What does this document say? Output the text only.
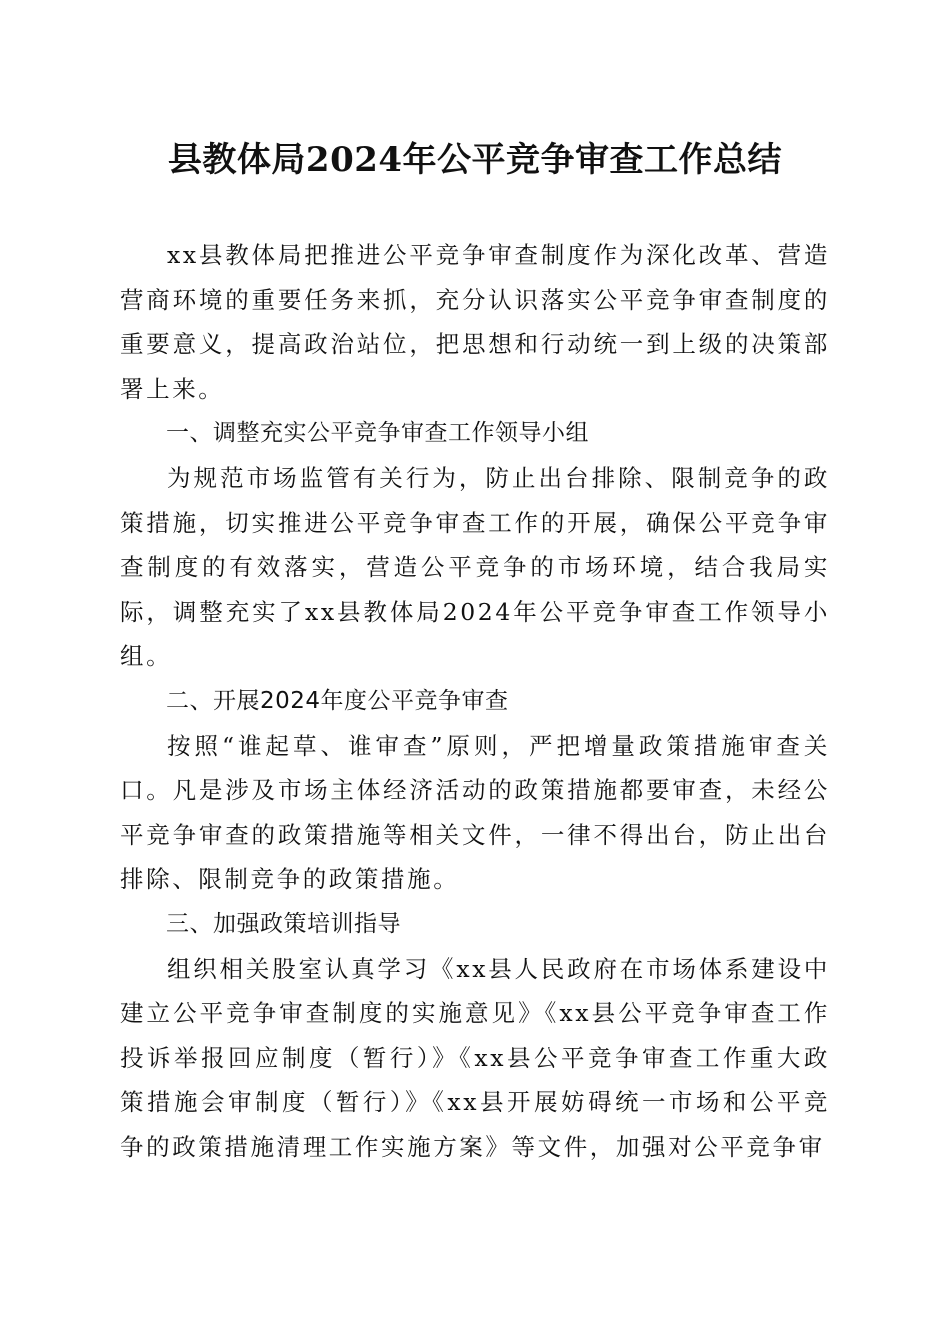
县教体局2024年公平竞争审查工作总结

xx县教体局把推进公平竞争审查制度作为深化改革、营造营商环境的重要任务来抓，充分认识落实公平竞争审查制度的重要意义，提高政治站位，把思想和行动统一到上级的决策部署上来。

一、调整充实公平竞争审查工作领导小组

为规范市场监管有关行为，防止出台排除、限制竞争的政策措施，切实推进公平竞争审查工作的开展，确保公平竞争审查制度的有效落实，营造公平竞争的市场环境，结合我局实际，调整充实了xx县教体局2024年公平竞争审查工作领导小组。

二、开展2024年度公平竞争审查

按照“谁起草、谁审查”原则，严把增量政策措施审查关口。凡是涉及市场主体经济活动的政策措施都要审查，未经公平竞争审查的政策措施等相关文件，一律不得出台，防止出台排除、限制竞争的政策措施。

三、加强政策培训指导

组织相关股室认真学习《xx县人民政府在市场体系建设中建立公平竞争审查制度的实施意见》《xx县公平竞争审查工作投诉举报回应制度（暂行）》《xx县公平竞争审查工作重大政策措施会审制度（暂行）》《xx县开展妨碍统一市场和公平竞争的政策措施清理工作实施方案》等文件，加强对公平竞争审
